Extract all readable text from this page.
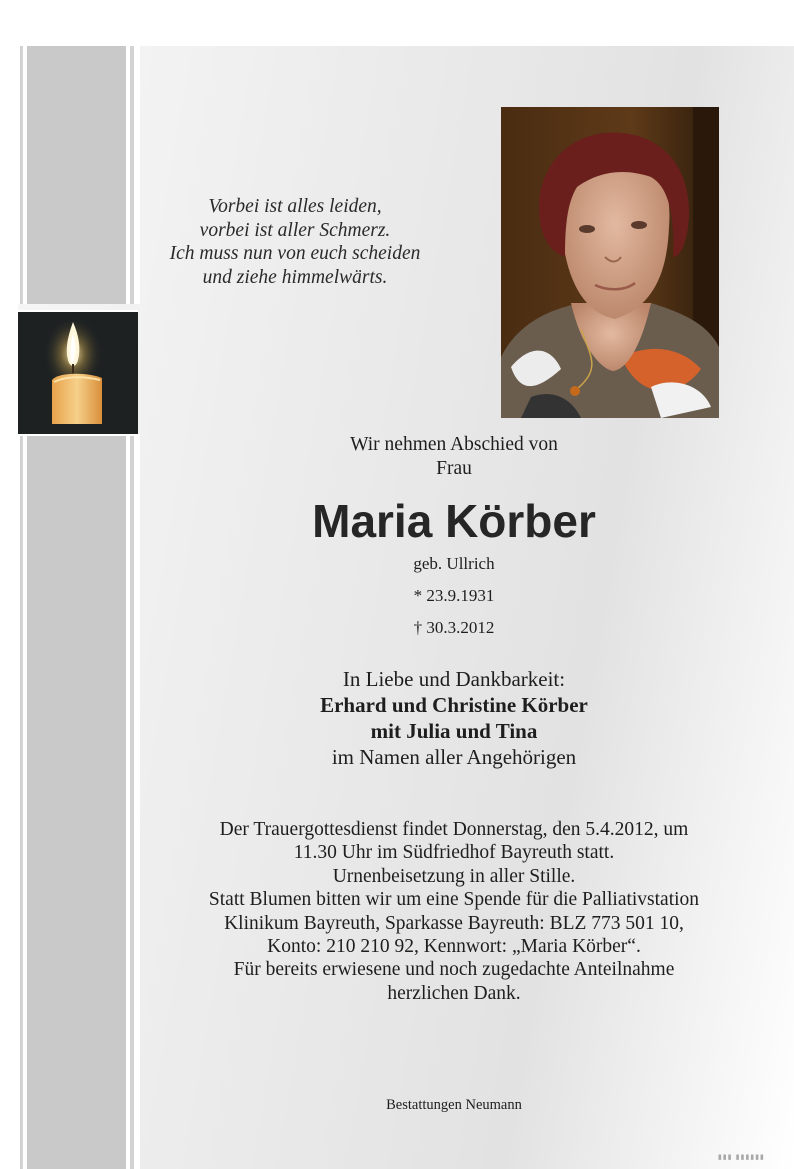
Vorbei ist alles leiden,
vorbei ist aller Schmerz.
Ich muss nun von euch scheiden
und ziehe himmelwärts.
Wir nehmen Abschied von
Frau
Maria Körber
geb. Ullrich
* 23.9.1931
† 30.3.2012
In Liebe und Dankbarkeit:
Erhard und Christine Körber
mit Julia und Tina
im Namen aller Angehörigen
Der Trauergottesdienst findet Donnerstag, den 5.4.2012, um
11.30 Uhr im Südfriedhof Bayreuth statt.
Urnenbeisetzung in aller Stille.
Statt Blumen bitten wir um eine Spende für die Palliativstation
Klinikum Bayreuth, Sparkasse Bayreuth: BLZ 773 501 10,
Konto: 210 210 92, Kennwort: „Maria Körber“.
Für bereits erwiesene und noch zugedachte Anteilnahme
herzlichen Dank.
Bestattungen Neumann
▮▮▮ ▮▮▮▮▮▮
